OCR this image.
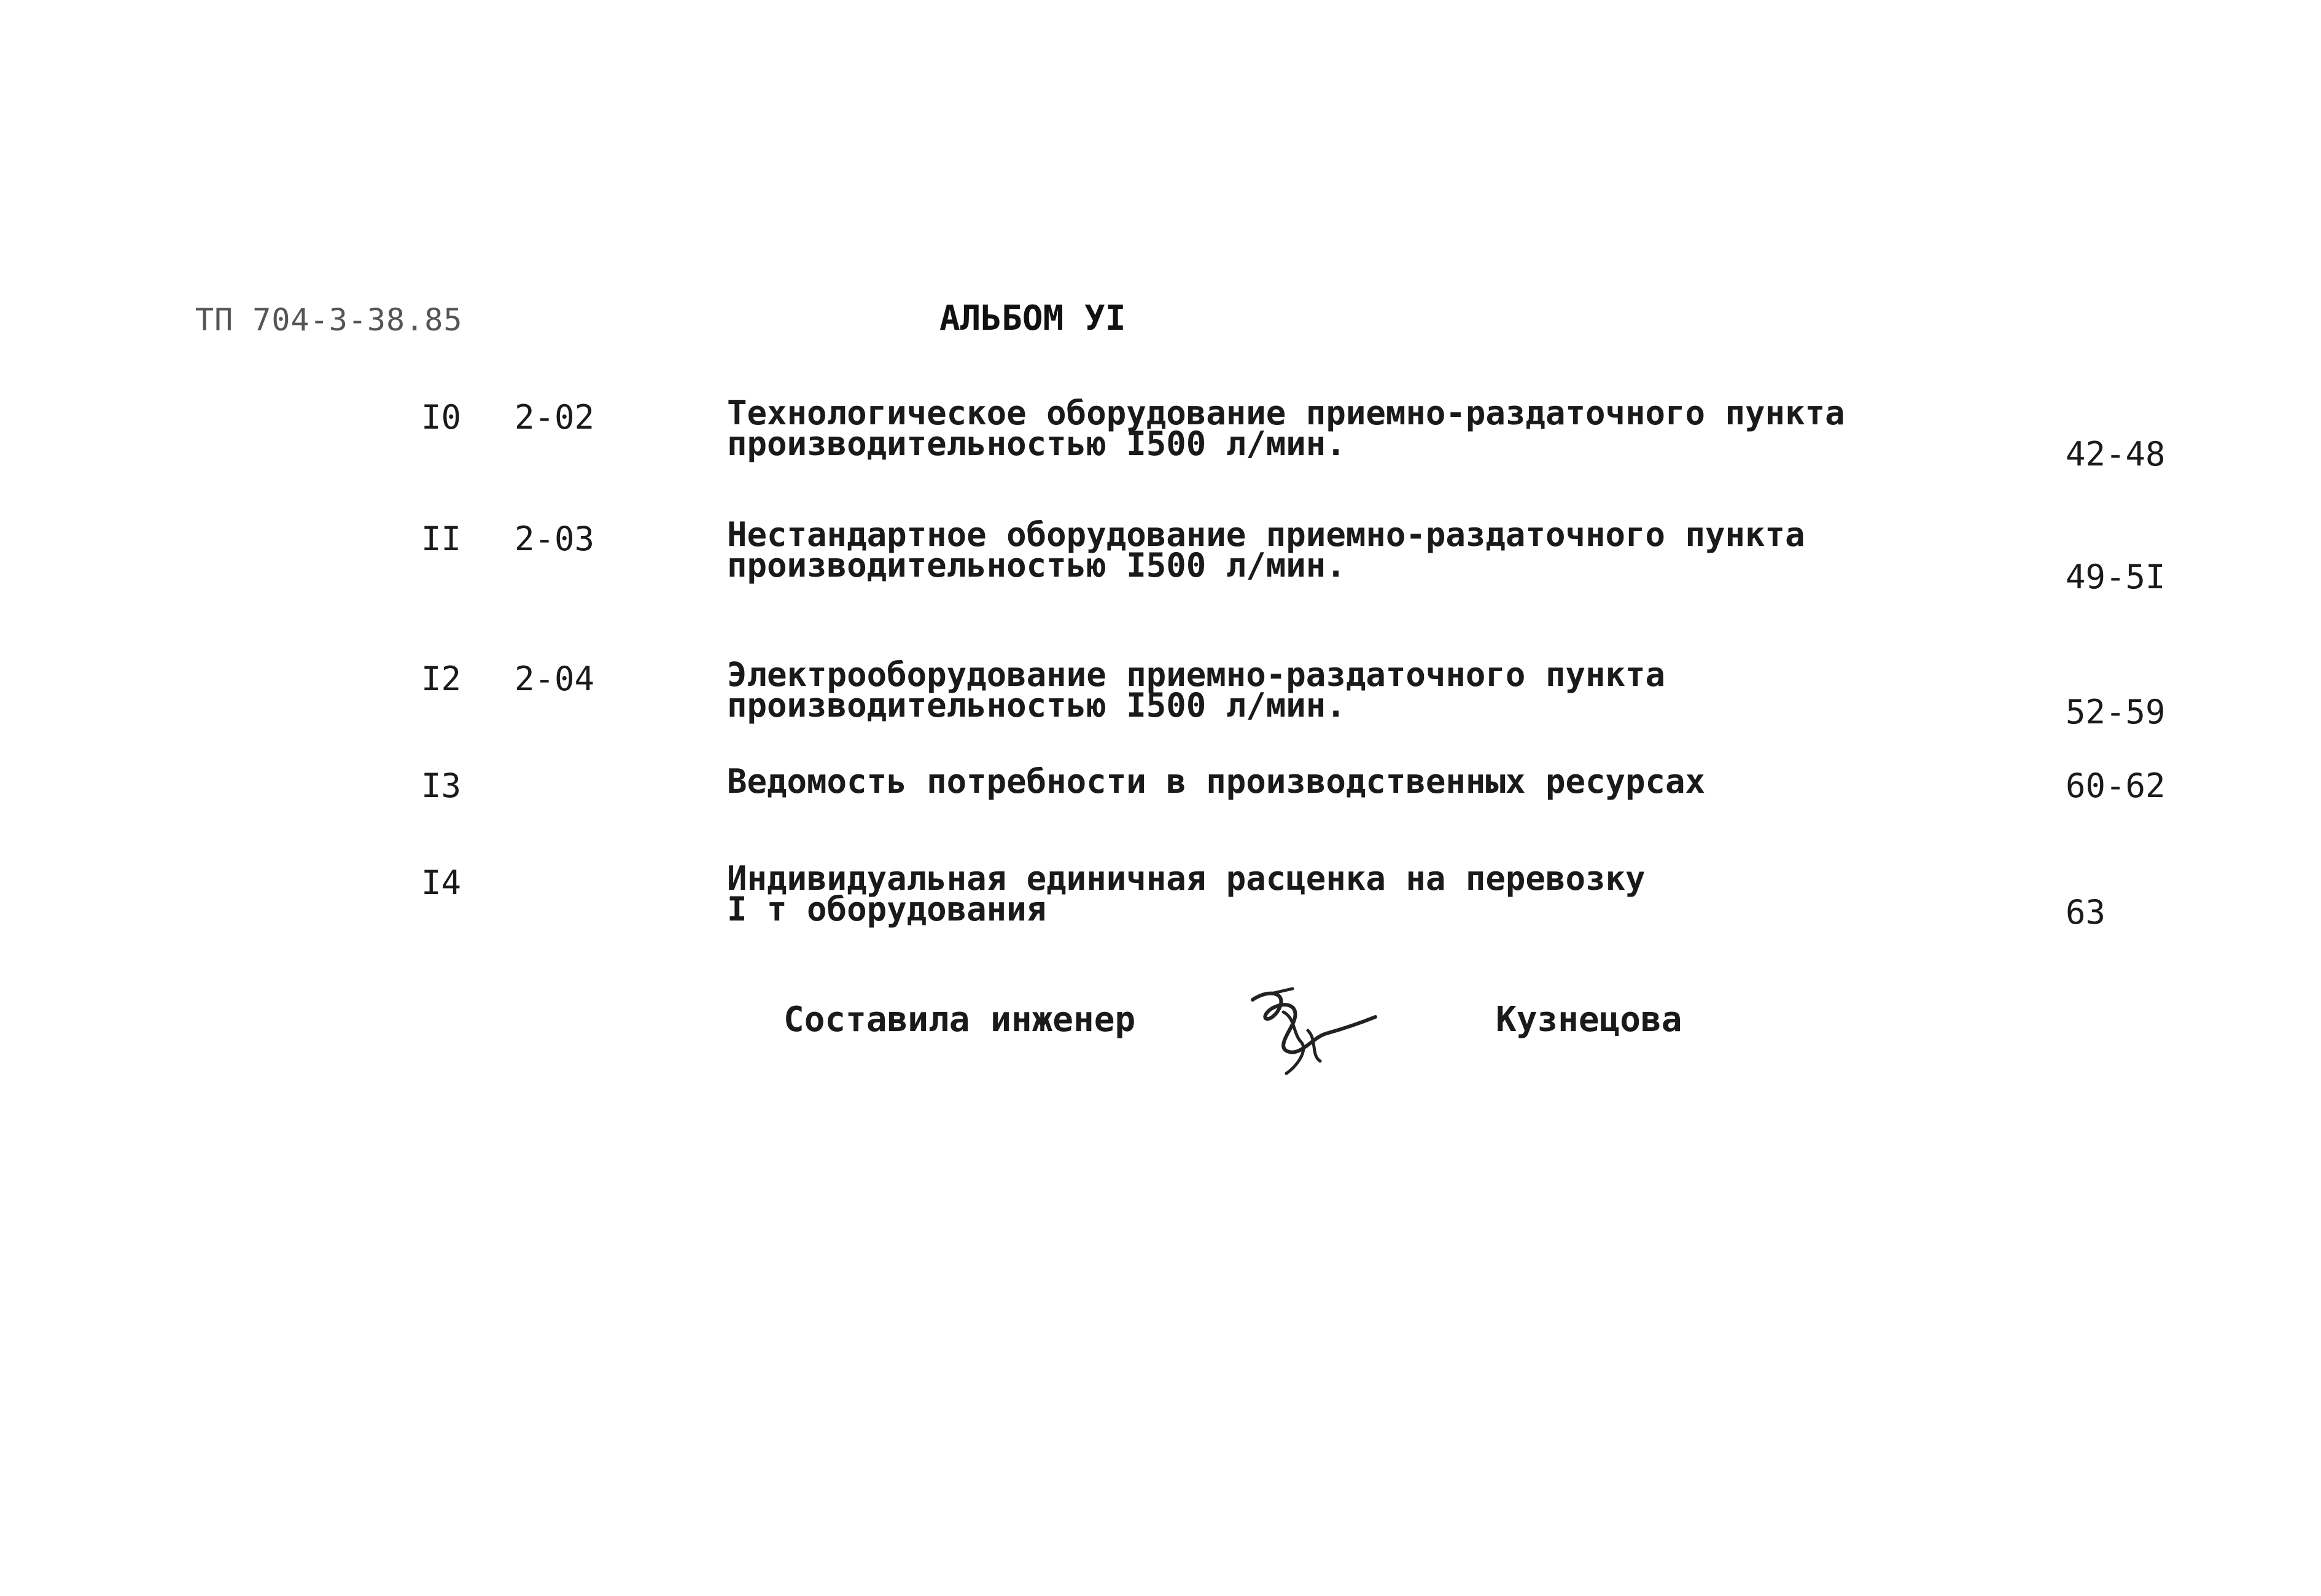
ТП 704-3-38.85	АЛЬБОМ УI
I0 2-02	Технологическое оборудование приемно-раздаточного пункта
производительностью I500 л/мин.	42-48
II 2-03	Нестандартное оборудование приемно-раздаточного пункта
производительностью I500 л/мин.	49-5I
I2 2-04	Электрооборудование приемно-раздаточного пункта
производительностью I500 л/мин.	52-59
I3	Ведомость потребности в производственных ресурсах	60-62
I4	Индивидуальная единичная расценка на перевозку
I т оборудования	63
Составила инженер	Кузнецова
